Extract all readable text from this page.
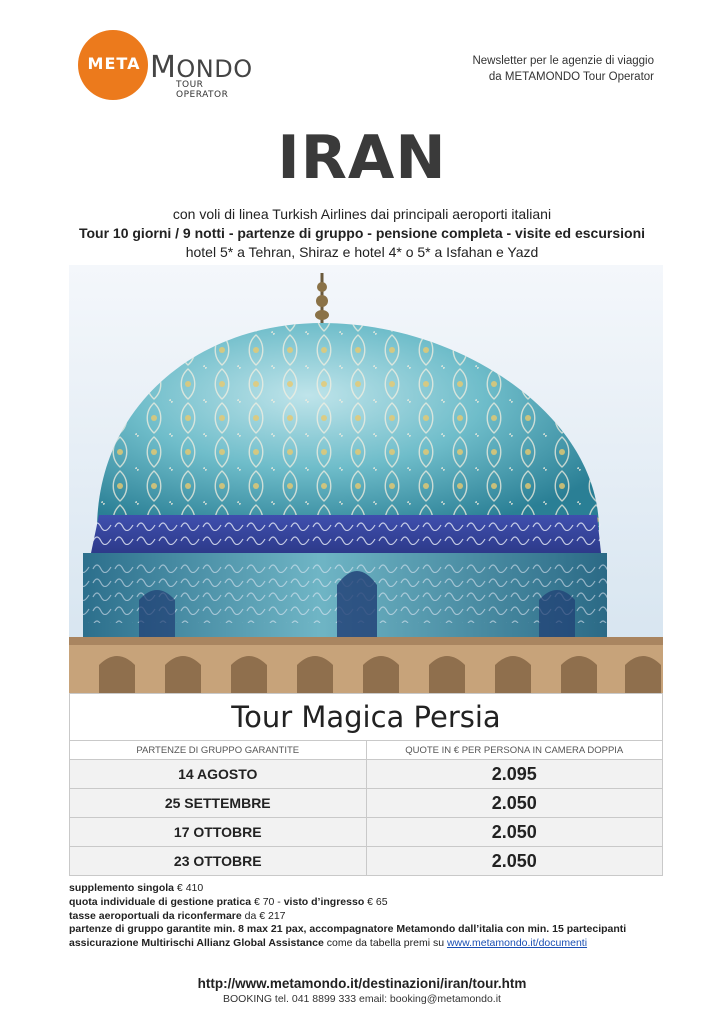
META MONDO
TOUR OPERATOR
Newsletter per le agenzie di viaggio
da METAMONDO Tour Operator
IRAN
con voli di linea Turkish Airlines dai principali aeroporti italiani
Tour 10 giorni / 9 notti - partenze di gruppo - pensione completa - visite ed escursioni
hotel 5* a Tehran, Shiraz e hotel 4* o 5* a Isfahan e Yazd
Tour Magica Persia	
PARTENZE DI GRUPPO GARANTITE	QUOTE IN € PER PERSONA IN CAMERA DOPPIA
14 AGOSTO	2.095
25 SETTEMBRE	2.050
17 OTTOBRE	2.050
23 OTTOBRE	2.050
supplemento singola € 410
quota individuale di gestione pratica € 70 - visto d’ingresso € 65
tasse aeroportuali da riconfermare da € 217
partenze di gruppo garantite min. 8 max 21 pax, accompagnatore Metamondo dall’italia con min. 15 partecipanti
assicurazione Multirischi Allianz Global Assistance come da tabella premi su www.metamondo.it/documenti
http://www.metamondo.it/destinazioni/iran/tour.htm
BOOKING tel. 041 8899 333 email: booking@metamondo.it
